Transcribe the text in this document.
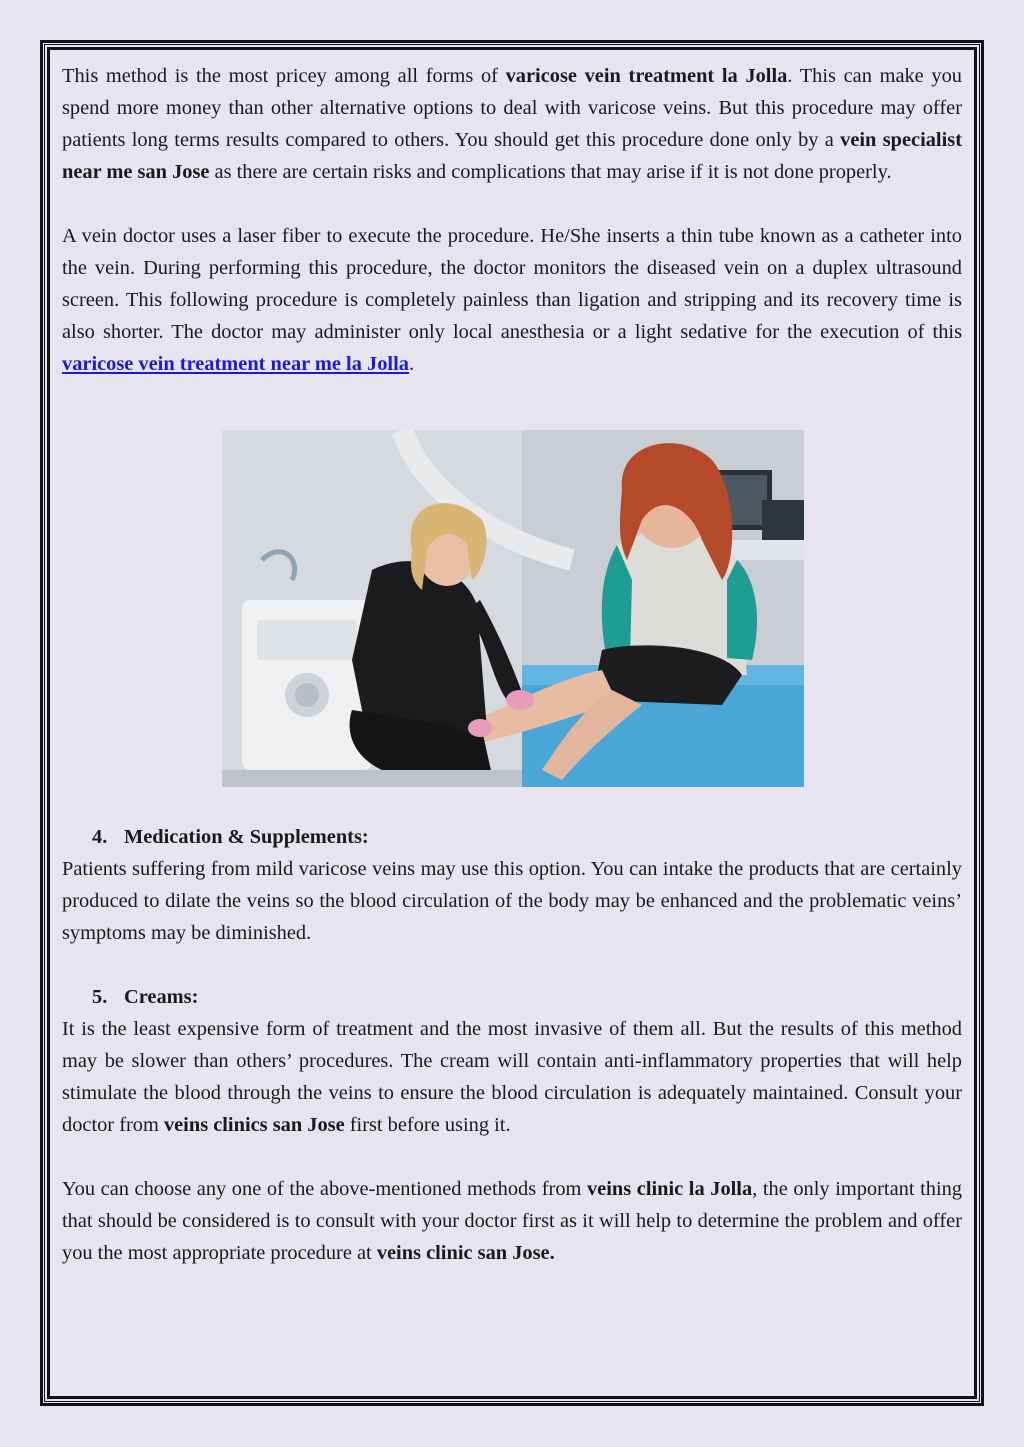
This method is the most pricey among all forms of varicose vein treatment la Jolla. This can make you spend more money than other alternative options to deal with varicose veins. But this procedure may offer patients long terms results compared to others. You should get this procedure done only by a vein specialist near me san Jose as there are certain risks and complications that may arise if it is not done properly.

A vein doctor uses a laser fiber to execute the procedure. He/She inserts a thin tube known as a catheter into the vein. During performing this procedure, the doctor monitors the diseased vein on a duplex ultrasound screen. This following procedure is completely painless than ligation and stripping and its recovery time is also shorter. The doctor may administer only local anesthesia or a light sedative for the execution of this varicose vein treatment near me la Jolla.

4. Medication & Supplements:

Patients suffering from mild varicose veins may use this option. You can intake the products that are certainly produced to dilate the veins so the blood circulation of the body may be enhanced and the problematic veins’ symptoms may be diminished.

5. Creams:

It is the least expensive form of treatment and the most invasive of them all. But the results of this method may be slower than others’ procedures. The cream will contain anti-inflammatory properties that will help stimulate the blood through the veins to ensure the blood circulation is adequately maintained. Consult your doctor from veins clinics san Jose first before using it.

You can choose any one of the above-mentioned methods from veins clinic la Jolla, the only important thing that should be considered is to consult with your doctor first as it will help to determine the problem and offer you the most appropriate procedure at veins clinic san Jose.
